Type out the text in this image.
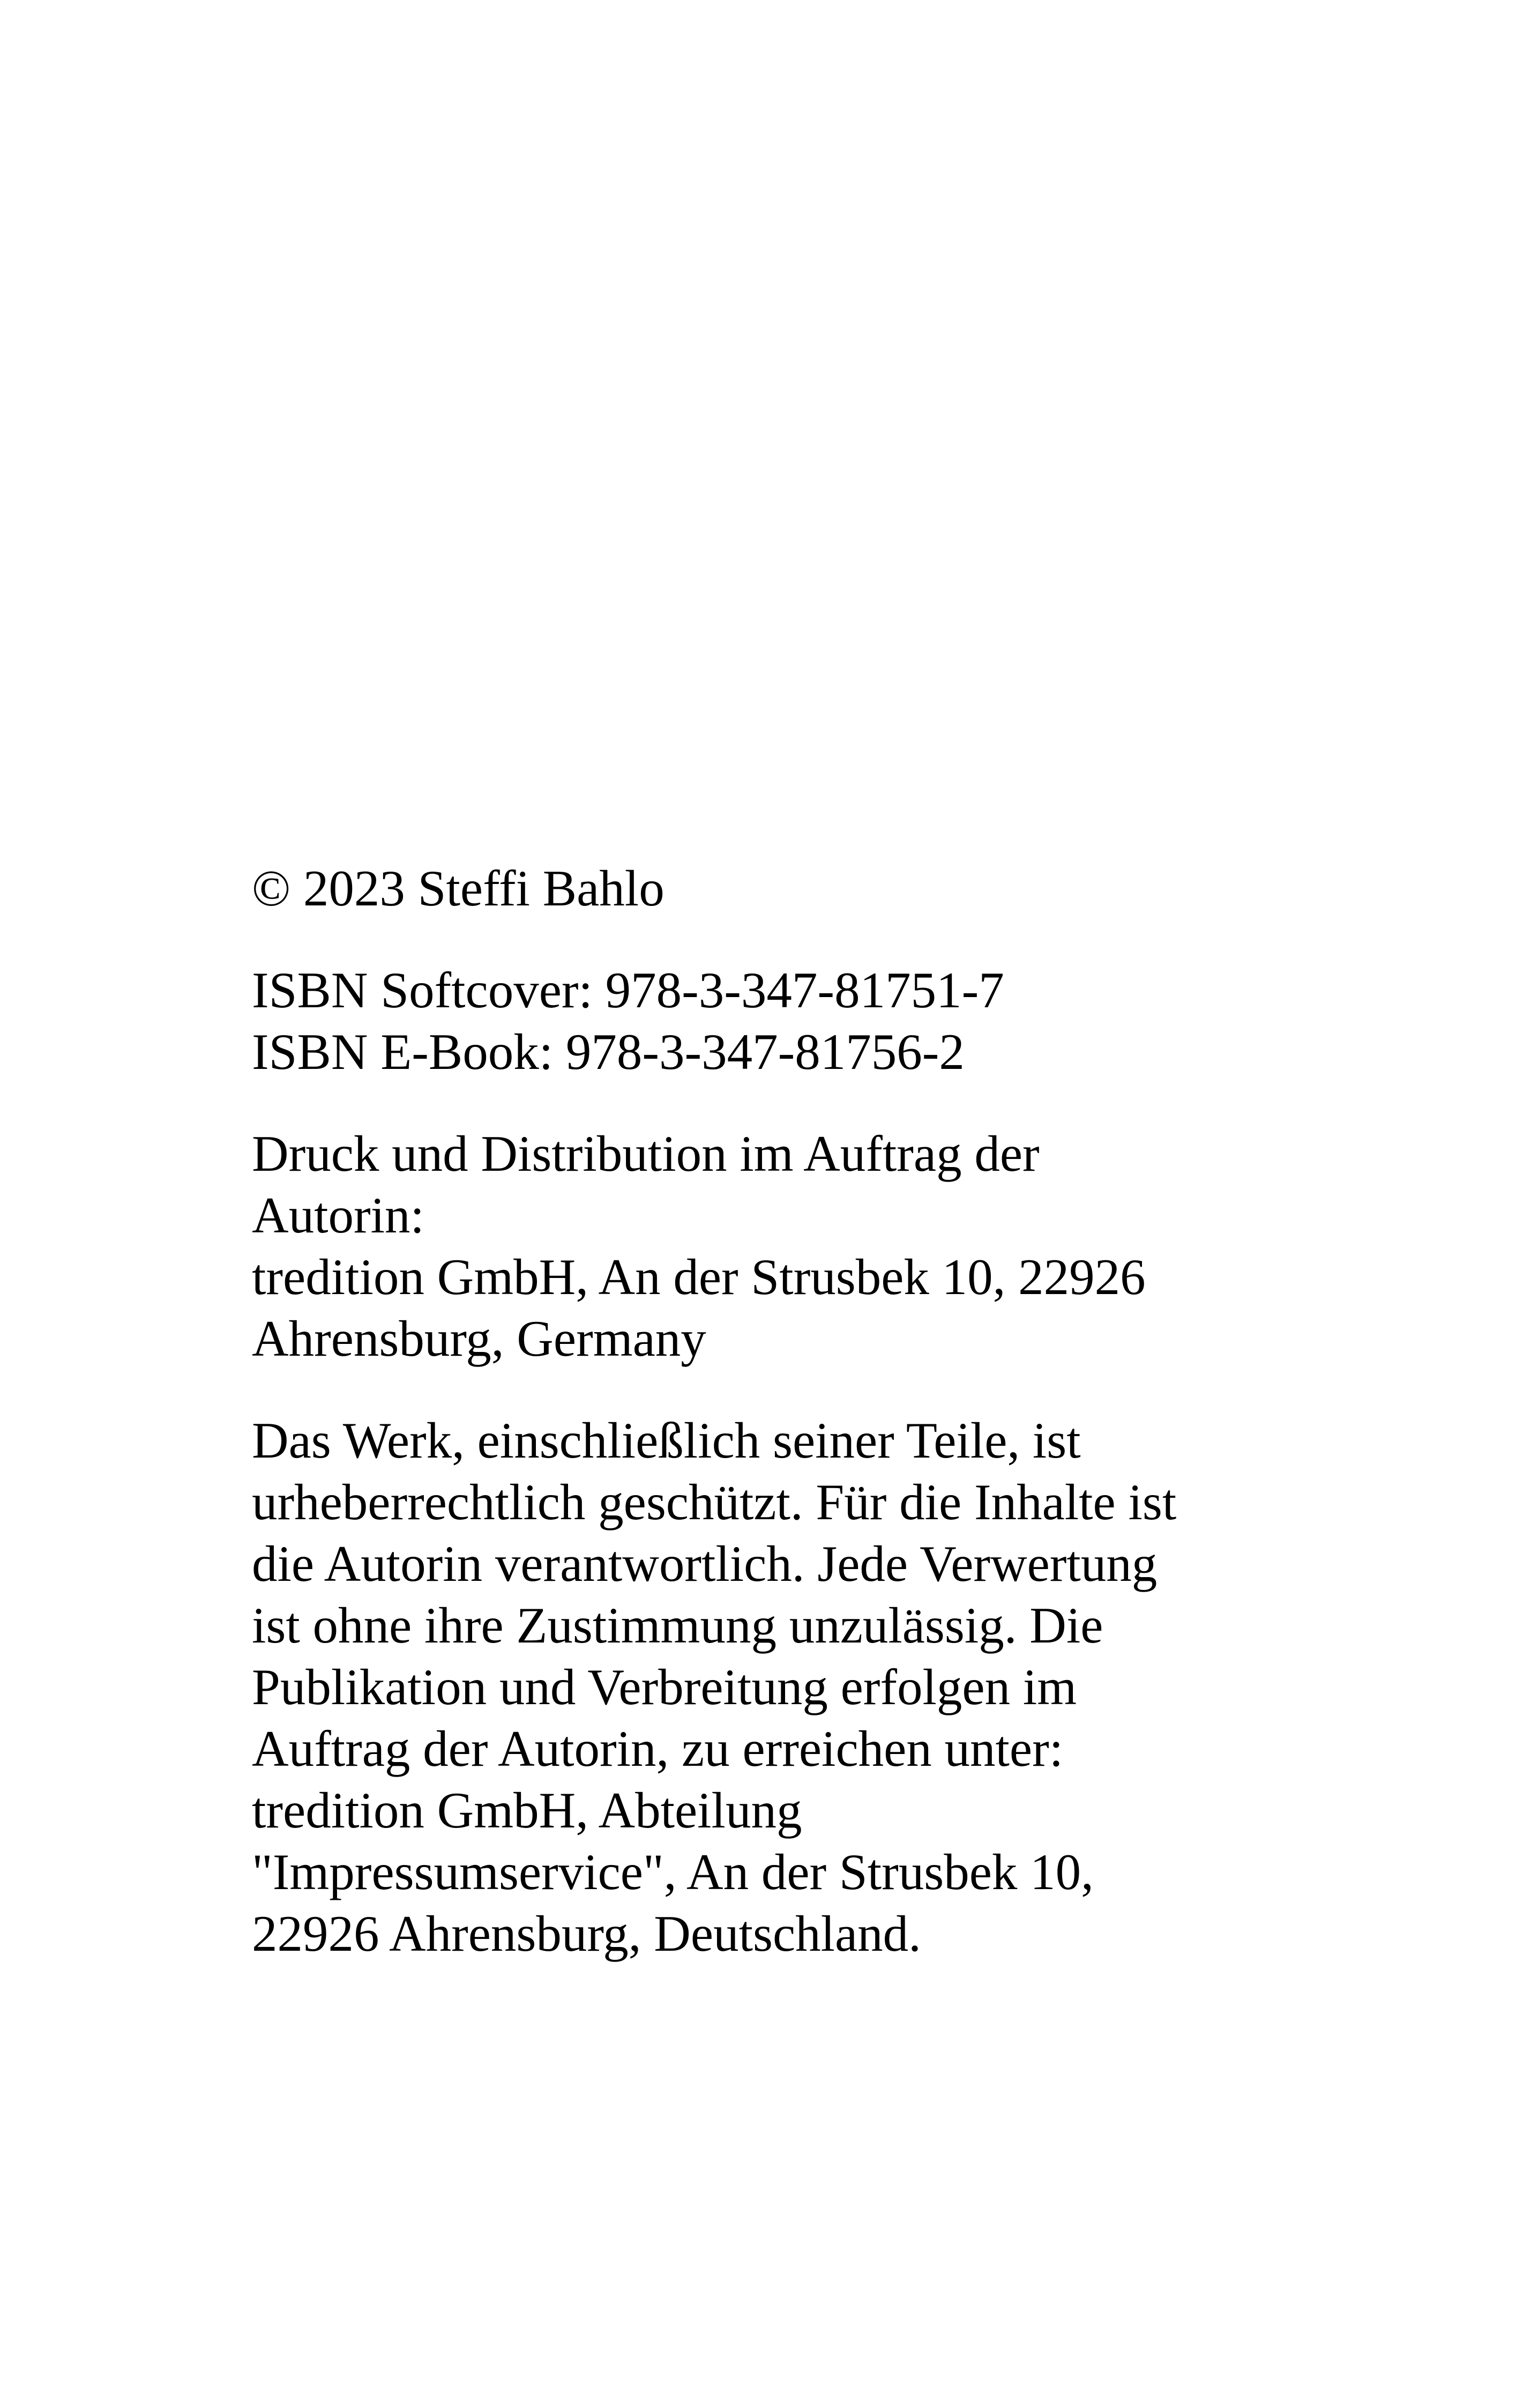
© 2023 Steffi Bahlo
ISBN Softcover: 978-3-347-81751-7
ISBN E-Book: 978-3-347-81756-2
Druck und Distribution im Auftrag der
Autorin:
tredition GmbH, An der Strusbek 10, 22926
Ahrensburg, Germany
Das Werk, einschließlich seiner Teile, ist
urheberrechtlich geschützt. Für die Inhalte ist
die Autorin verantwortlich. Jede Verwertung
ist ohne ihre Zustimmung unzulässig. Die
Publikation und Verbreitung erfolgen im
Auftrag der Autorin, zu erreichen unter:
tredition GmbH, Abteilung
"Impressumservice", An der Strusbek 10,
22926 Ahrensburg, Deutschland.
